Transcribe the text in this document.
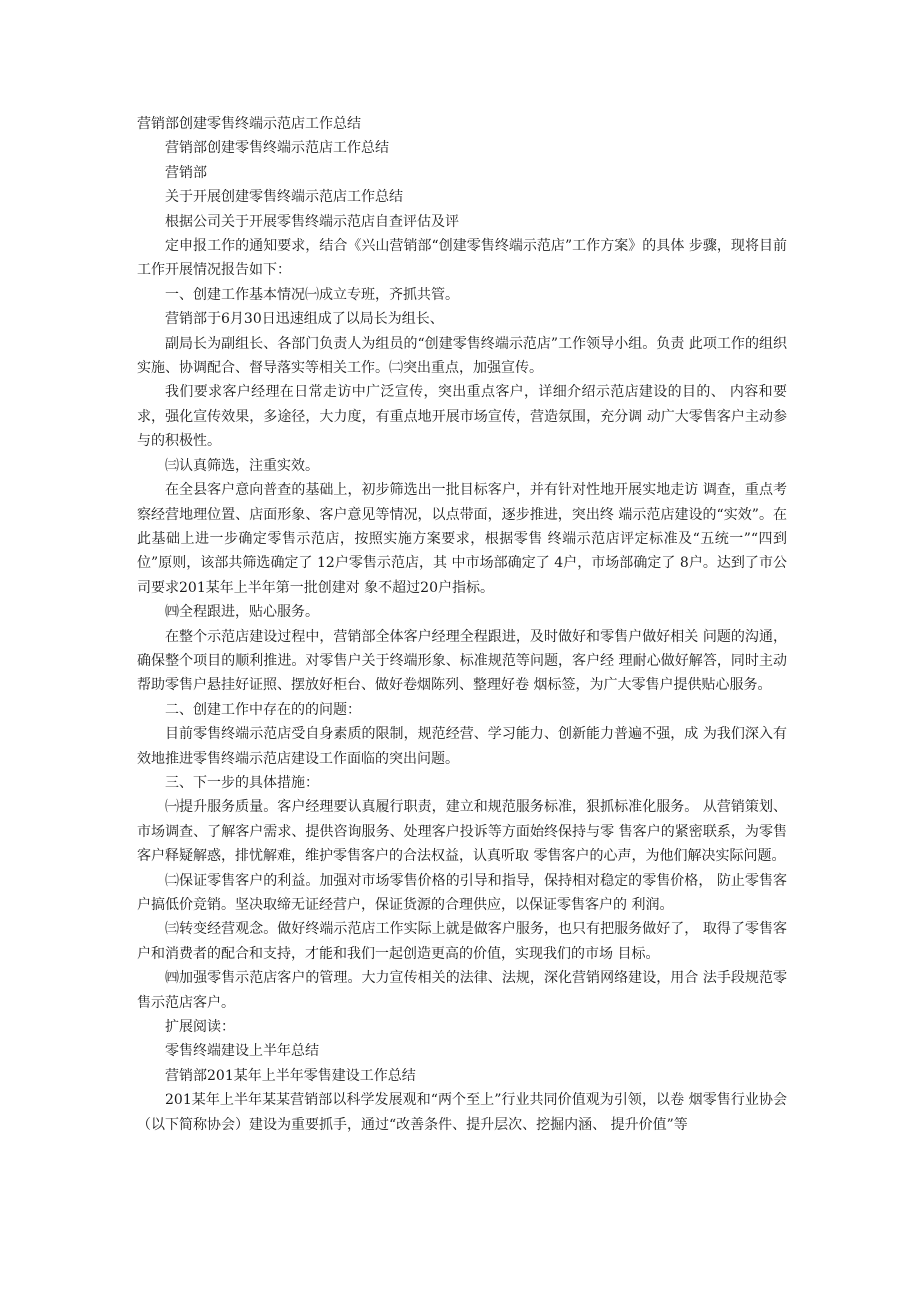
营销部创建零售终端示范店工作总结

营销部创建零售终端示范店工作总结

营销部

关于开展创建零售终端示范店工作总结

根据公司关于开展零售终端示范店自查评估及评

定申报工作的通知要求，结合《兴山营销部“创建零售终端示范店”工作方案》的具体 步骤，现将目前工作开展情况报告如下：

一、创建工作基本情况㈠成立专班，齐抓共管。

营销部于6月30日迅速组成了以局长为组长、

副局长为副组长、各部门负责人为组员的“创建零售终端示范店”工作领导小组。负责 此项工作的组织实施、协调配合、督导落实等相关工作。㈡突出重点，加强宣传。

我们要求客户经理在日常走访中广泛宣传，突出重点客户，详细介绍示范店建设的目的、 内容和要求，强化宣传效果，多途径，大力度，有重点地开展市场宣传，营造氛围，充分调 动广大零售客户主动参与的积极性。

㈢认真筛选，注重实效。

在全县客户意向普查的基础上，初步筛选出一批目标客户，并有针对性地开展实地走访 调查，重点考察经营地理位置、店面形象、客户意见等情况，以点带面，逐步推进，突出终 端示范店建设的“实效”。在此基础上进一步确定零售示范店，按照实施方案要求，根据零售 终端示范店评定标准及“五统一”“四到位”原则，该部共筛选确定了 12户零售示范店，其 中市场部确定了 4户，市场部确定了 8户。达到了市公司要求201某年上半年第一批创建对 象不超过20户指标。

㈣全程跟进，贴心服务。

在整个示范店建设过程中，营销部全体客户经理全程跟进，及时做好和零售户做好相关 问题的沟通，确保整个项目的顺利推进。对零售户关于终端形象、标准规范等问题，客户经 理耐心做好解答，同时主动帮助零售户悬挂好证照、摆放好柜台、做好卷烟陈列、整理好卷 烟标签，为广大零售户提供贴心服务。

二、创建工作中存在的的问题：

目前零售终端示范店受自身素质的限制，规范经营、学习能力、创新能力普遍不强，成 为我们深入有效地推进零售终端示范店建设工作面临的突出问题。

三、下一步的具体措施：

㈠提升服务质量。客户经理要认真履行职责，建立和规范服务标准，狠抓标准化服务。 从营销策划、市场调查、了解客户需求、提供咨询服务、处理客户投诉等方面始终保持与零 售客户的紧密联系，为零售客户释疑解惑，排忧解难，维护零售客户的合法权益，认真听取 零售客户的心声，为他们解决实际问题。

㈡保证零售客户的利益。加强对市场零售价格的引导和指导，保持相对稳定的零售价格， 防止零售客户搞低价竞销。坚决取缔无证经营户，保证货源的合理供应，以保证零售客户的 利润。

㈢转变经营观念。做好终端示范店工作实际上就是做客户服务，也只有把服务做好了， 取得了零售客户和消费者的配合和支持，才能和我们一起创造更高的价值，实现我们的市场 目标。

㈣加强零售示范店客户的管理。大力宣传相关的法律、法规，深化营销网络建设，用合 法手段规范零售示范店客户。

扩展阅读：

零售终端建设上半年总结

营销部201某年上半年零售建设工作总结

201某年上半年某某营销部以科学发展观和“两个至上”行业共同价值观为引领，以卷 烟零售行业协会（以下简称协会）建设为重要抓手，通过“改善条件、提升层次、挖掘内涵、 提升价值”等
